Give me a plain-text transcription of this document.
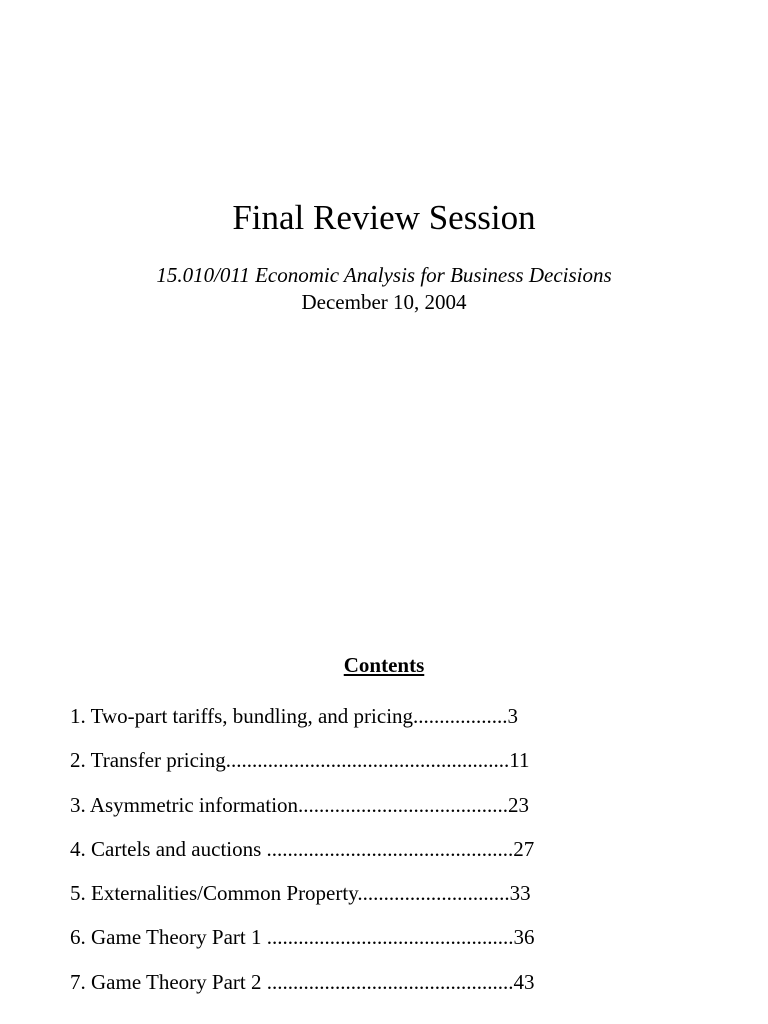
Final Review Session
15.010/011 Economic Analysis for Business Decisions
December 10, 2004
Contents
1. Two-part tariffs, bundling, and pricing..................3
2. Transfer pricing......................................................11
3. Asymmetric information........................................23
4. Cartels and auctions ...............................................27
5. Externalities/Common Property.............................33
6. Game Theory Part 1 ...............................................36
7. Game Theory Part 2 ...............................................43
